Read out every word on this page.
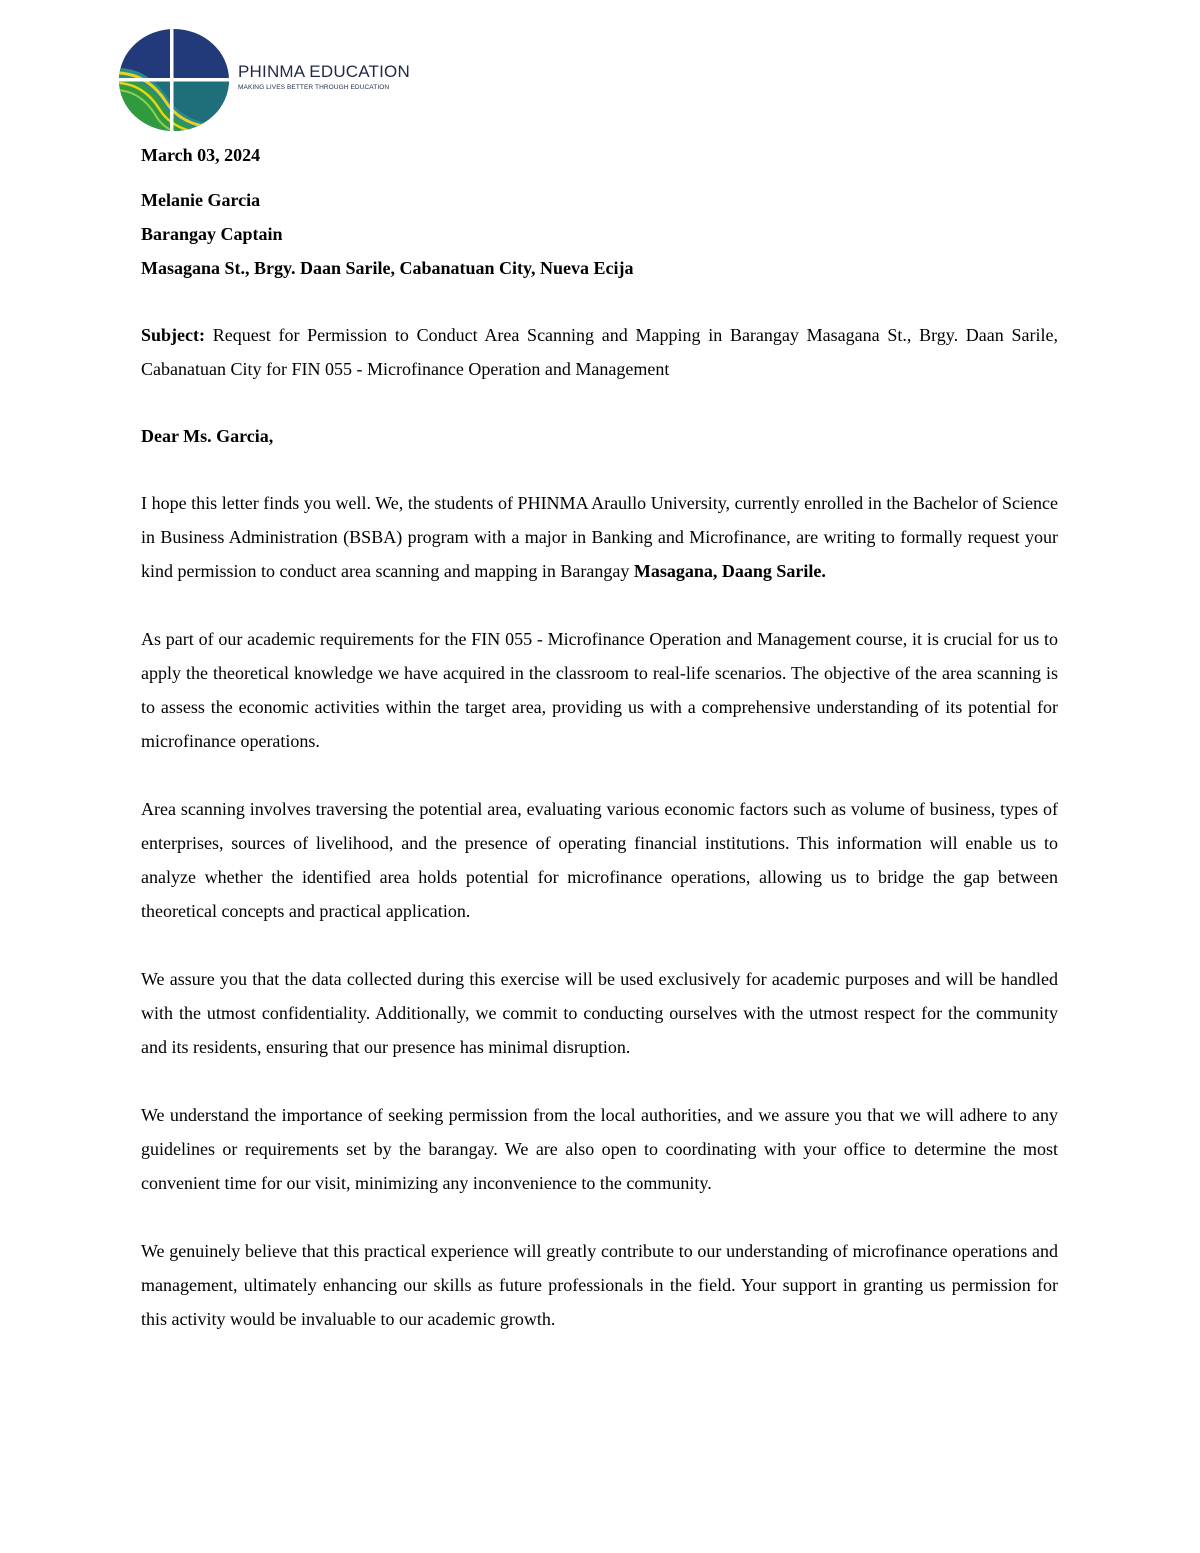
PHINMA EDUCATION
MAKING LIVES BETTER THROUGH EDUCATION

March 03, 2024

Melanie Garcia

Barangay Captain

Masagana St., Brgy. Daan Sarile, Cabanatuan City, Nueva Ecija

Subject: Request for Permission to Conduct Area Scanning and Mapping in Barangay Masagana St., Brgy. Daan Sarile, Cabanatuan City for FIN 055 - Microfinance Operation and Management

Dear Ms. Garcia,

I hope this letter finds you well. We, the students of PHINMA Araullo University, currently enrolled in the Bachelor of Science in Business Administration (BSBA) program with a major in Banking and Microfinance, are writing to formally request your kind permission to conduct area scanning and mapping in Barangay Masagana, Daang Sarile.

As part of our academic requirements for the FIN 055 - Microfinance Operation and Management course, it is crucial for us to apply the theoretical knowledge we have acquired in the classroom to real-life scenarios. The objective of the area scanning is to assess the economic activities within the target area, providing us with a comprehensive understanding of its potential for microfinance operations.

Area scanning involves traversing the potential area, evaluating various economic factors such as volume of business, types of enterprises, sources of livelihood, and the presence of operating financial institutions. This information will enable us to analyze whether the identified area holds potential for microfinance operations, allowing us to bridge the gap between theoretical concepts and practical application.

We assure you that the data collected during this exercise will be used exclusively for academic purposes and will be handled with the utmost confidentiality. Additionally, we commit to conducting ourselves with the utmost respect for the community and its residents, ensuring that our presence has minimal disruption.

We understand the importance of seeking permission from the local authorities, and we assure you that we will adhere to any guidelines or requirements set by the barangay. We are also open to coordinating with your office to determine the most convenient time for our visit, minimizing any inconvenience to the community.

We genuinely believe that this practical experience will greatly contribute to our understanding of microfinance operations and management, ultimately enhancing our skills as future professionals in the field. Your support in granting us permission for this activity would be invaluable to our academic growth.
